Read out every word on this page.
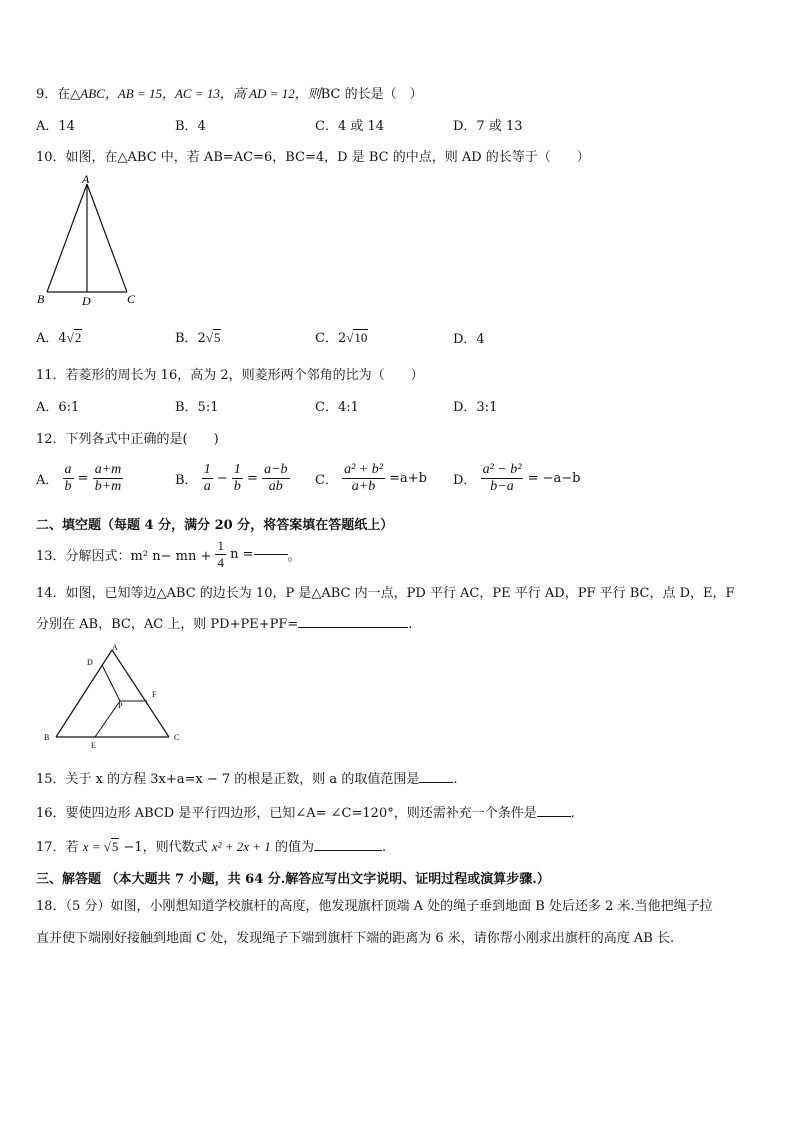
9．在△ABC，AB = 15，AC = 13，高 AD = 12，则BC 的长是（　）
A．14	B．4	C．4 或 14	D．7 或 13
10．如图，在△ABC 中，若 AB=AC=6，BC=4，D 是 BC 的中点，则 AD 的长等于（　　）
A
B	D	C
A．4√2	B．2√5	C．2√10	D．4
11．若菱形的周长为 16，高为 2，则菱形两个邻角的比为（　　）
A．6:1	B．5:1	C．4:1	D．3:1
12．下列各式中正确的是(　　)
A． $\frac{a}{b} = \frac{a+m}{b+m}$	B． $\frac{1}{a} - \frac{1}{b} = \frac{a-b}{ab}$ C． $\frac{\text{a² + b²}}{a+b} =a+b$ D． $\frac{\text{a² − b²}}{b-a} = -a-b$
二、填空题（每题 4 分，满分 20 分，将答案填在答题纸上）
13．分解因式：m² n− mn + $\frac{1}{4}$ n =	。
14．如图，已知等边△ABC 的边长为 10，P 是△ABC 内一点，PD 平行 AC，PE 平行 AD，PF 平行 BC，点 D，E，F
分别在 AB，BC，AC 上，则 PD+PE+PF=	.
A
D
F
P
B
E
C
15．关于 x 的方程 3x+a=x − 7 的根是正数，则 a 的取值范围是	.
16．要使四边形 ABCD 是平行四边形，已知∠A= ∠C=120°，则还需补充一个条件是	.
17．若 x = √5 −1，则代数式 x² + 2x + 1 的值为	.
三、解答题 （本大题共 7 小题，共 64 分.解答应写出文字说明、证明过程或演算步骤.）
18．（5 分）如图，小刚想知道学校旗杆的高度，他发现旗杆顶端 A 处的绳子垂到地面 B 处后还多 2 米.当他把绳子拉
直并使下端刚好接触到地面 C 处，发现绳子下端到旗杆下端的距离为 6 米，请你帮小刚求出旗杆的高度 AB 长.
